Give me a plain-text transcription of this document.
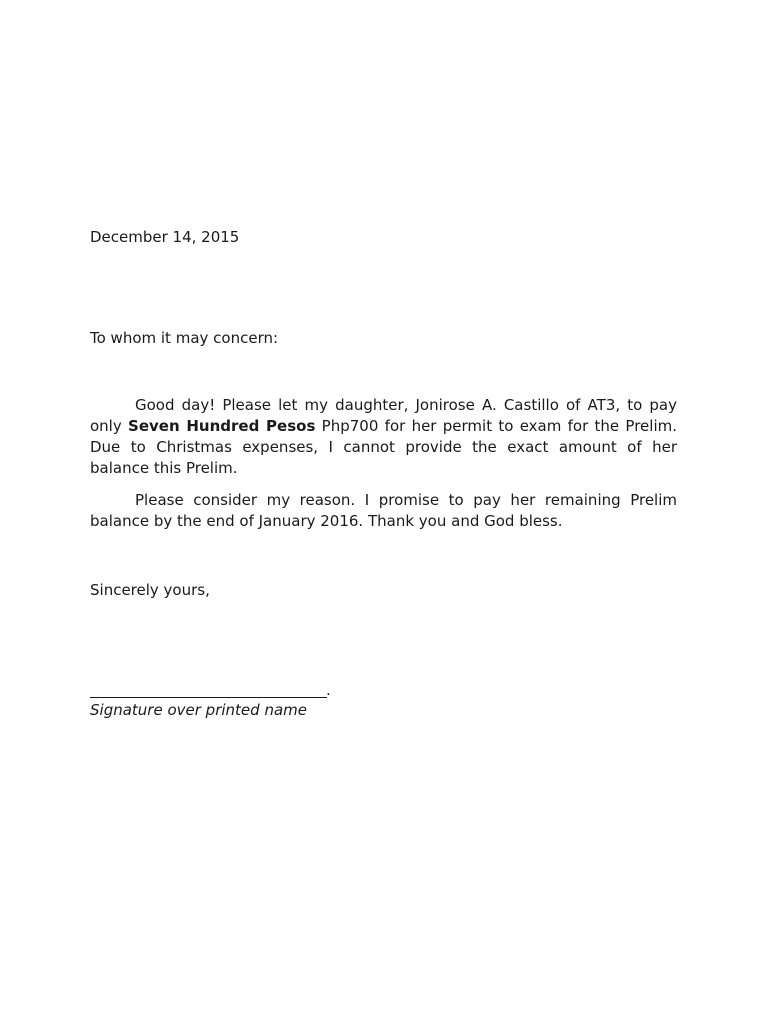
December 14, 2015
To whom it may concern:

Good day! Please let my daughter, Jonirose A. Castillo of AT3, to pay only Seven Hundred Pesos Php700 for her permit to exam for the Prelim. Due to Christmas expenses, I cannot provide the exact amount of her balance this Prelim.

Please consider my reason. I promise to pay her remaining Prelim balance by the end of January 2016. Thank you and God bless.

Sincerely yours,
.
Signature over printed name
